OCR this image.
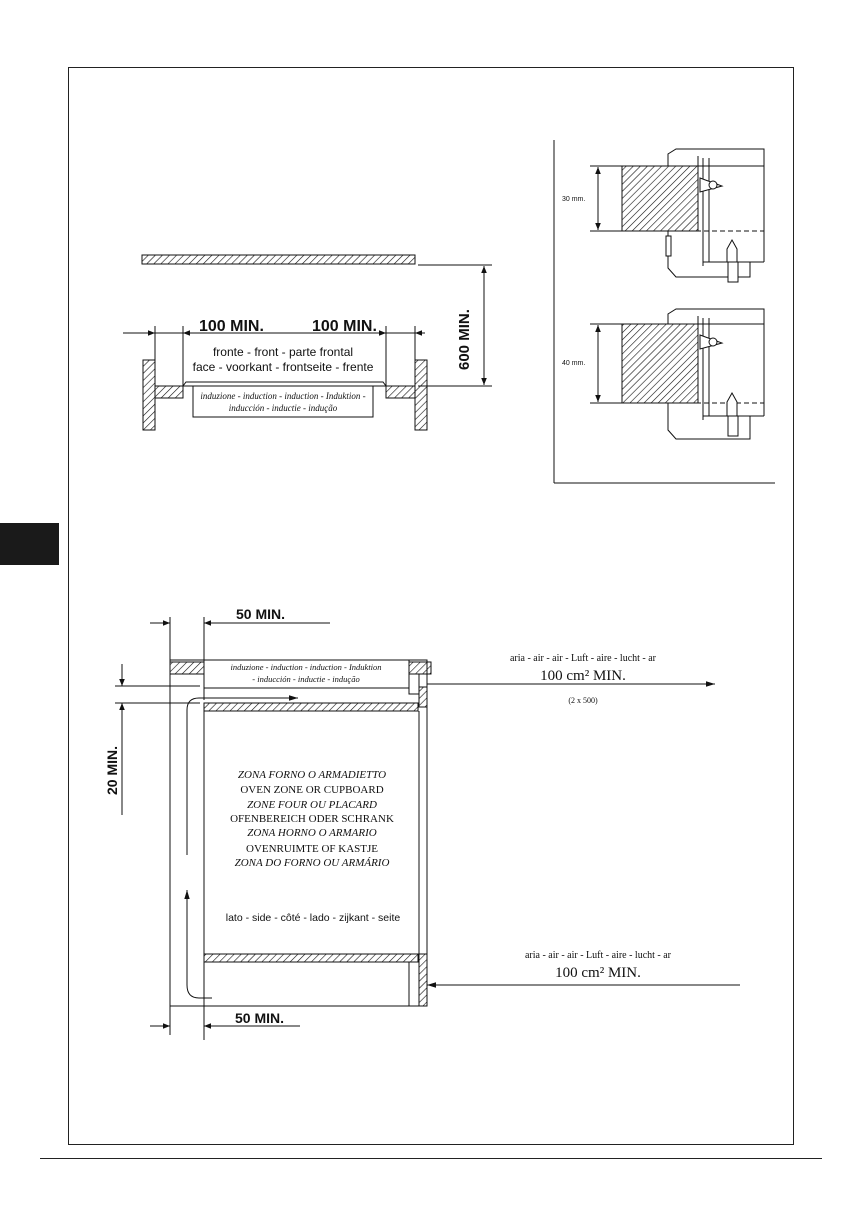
600 MIN.
100 MIN.	100 MIN.
fronte - front - parte frontal
face - voorkant - frontseite - frente
induzione - induction - induction - Induktion -
inducción - inductie - indução
30 mm.
40 mm.
50 MIN.
50 MIN.
20 MIN.
induzione - induction - induction - Induktion
- inducción - inductie - indução
ZONA FORNO O ARMADIETTO
OVEN ZONE OR CUPBOARD
ZONE FOUR OU PLACARD
OFENBEREICH ODER SCHRANK
ZONA HORNO O ARMARIO
OVENRUIMTE OF KASTJE
ZONA DO FORNO OU ARMÁRIO
lato - side - côté - lado - zijkant - seite
aria - air - air - Luft - aire - lucht - ar
100 cm² MIN.
(2 x 500)
aria - air - air - Luft - aire - lucht - ar
100 cm² MIN.
